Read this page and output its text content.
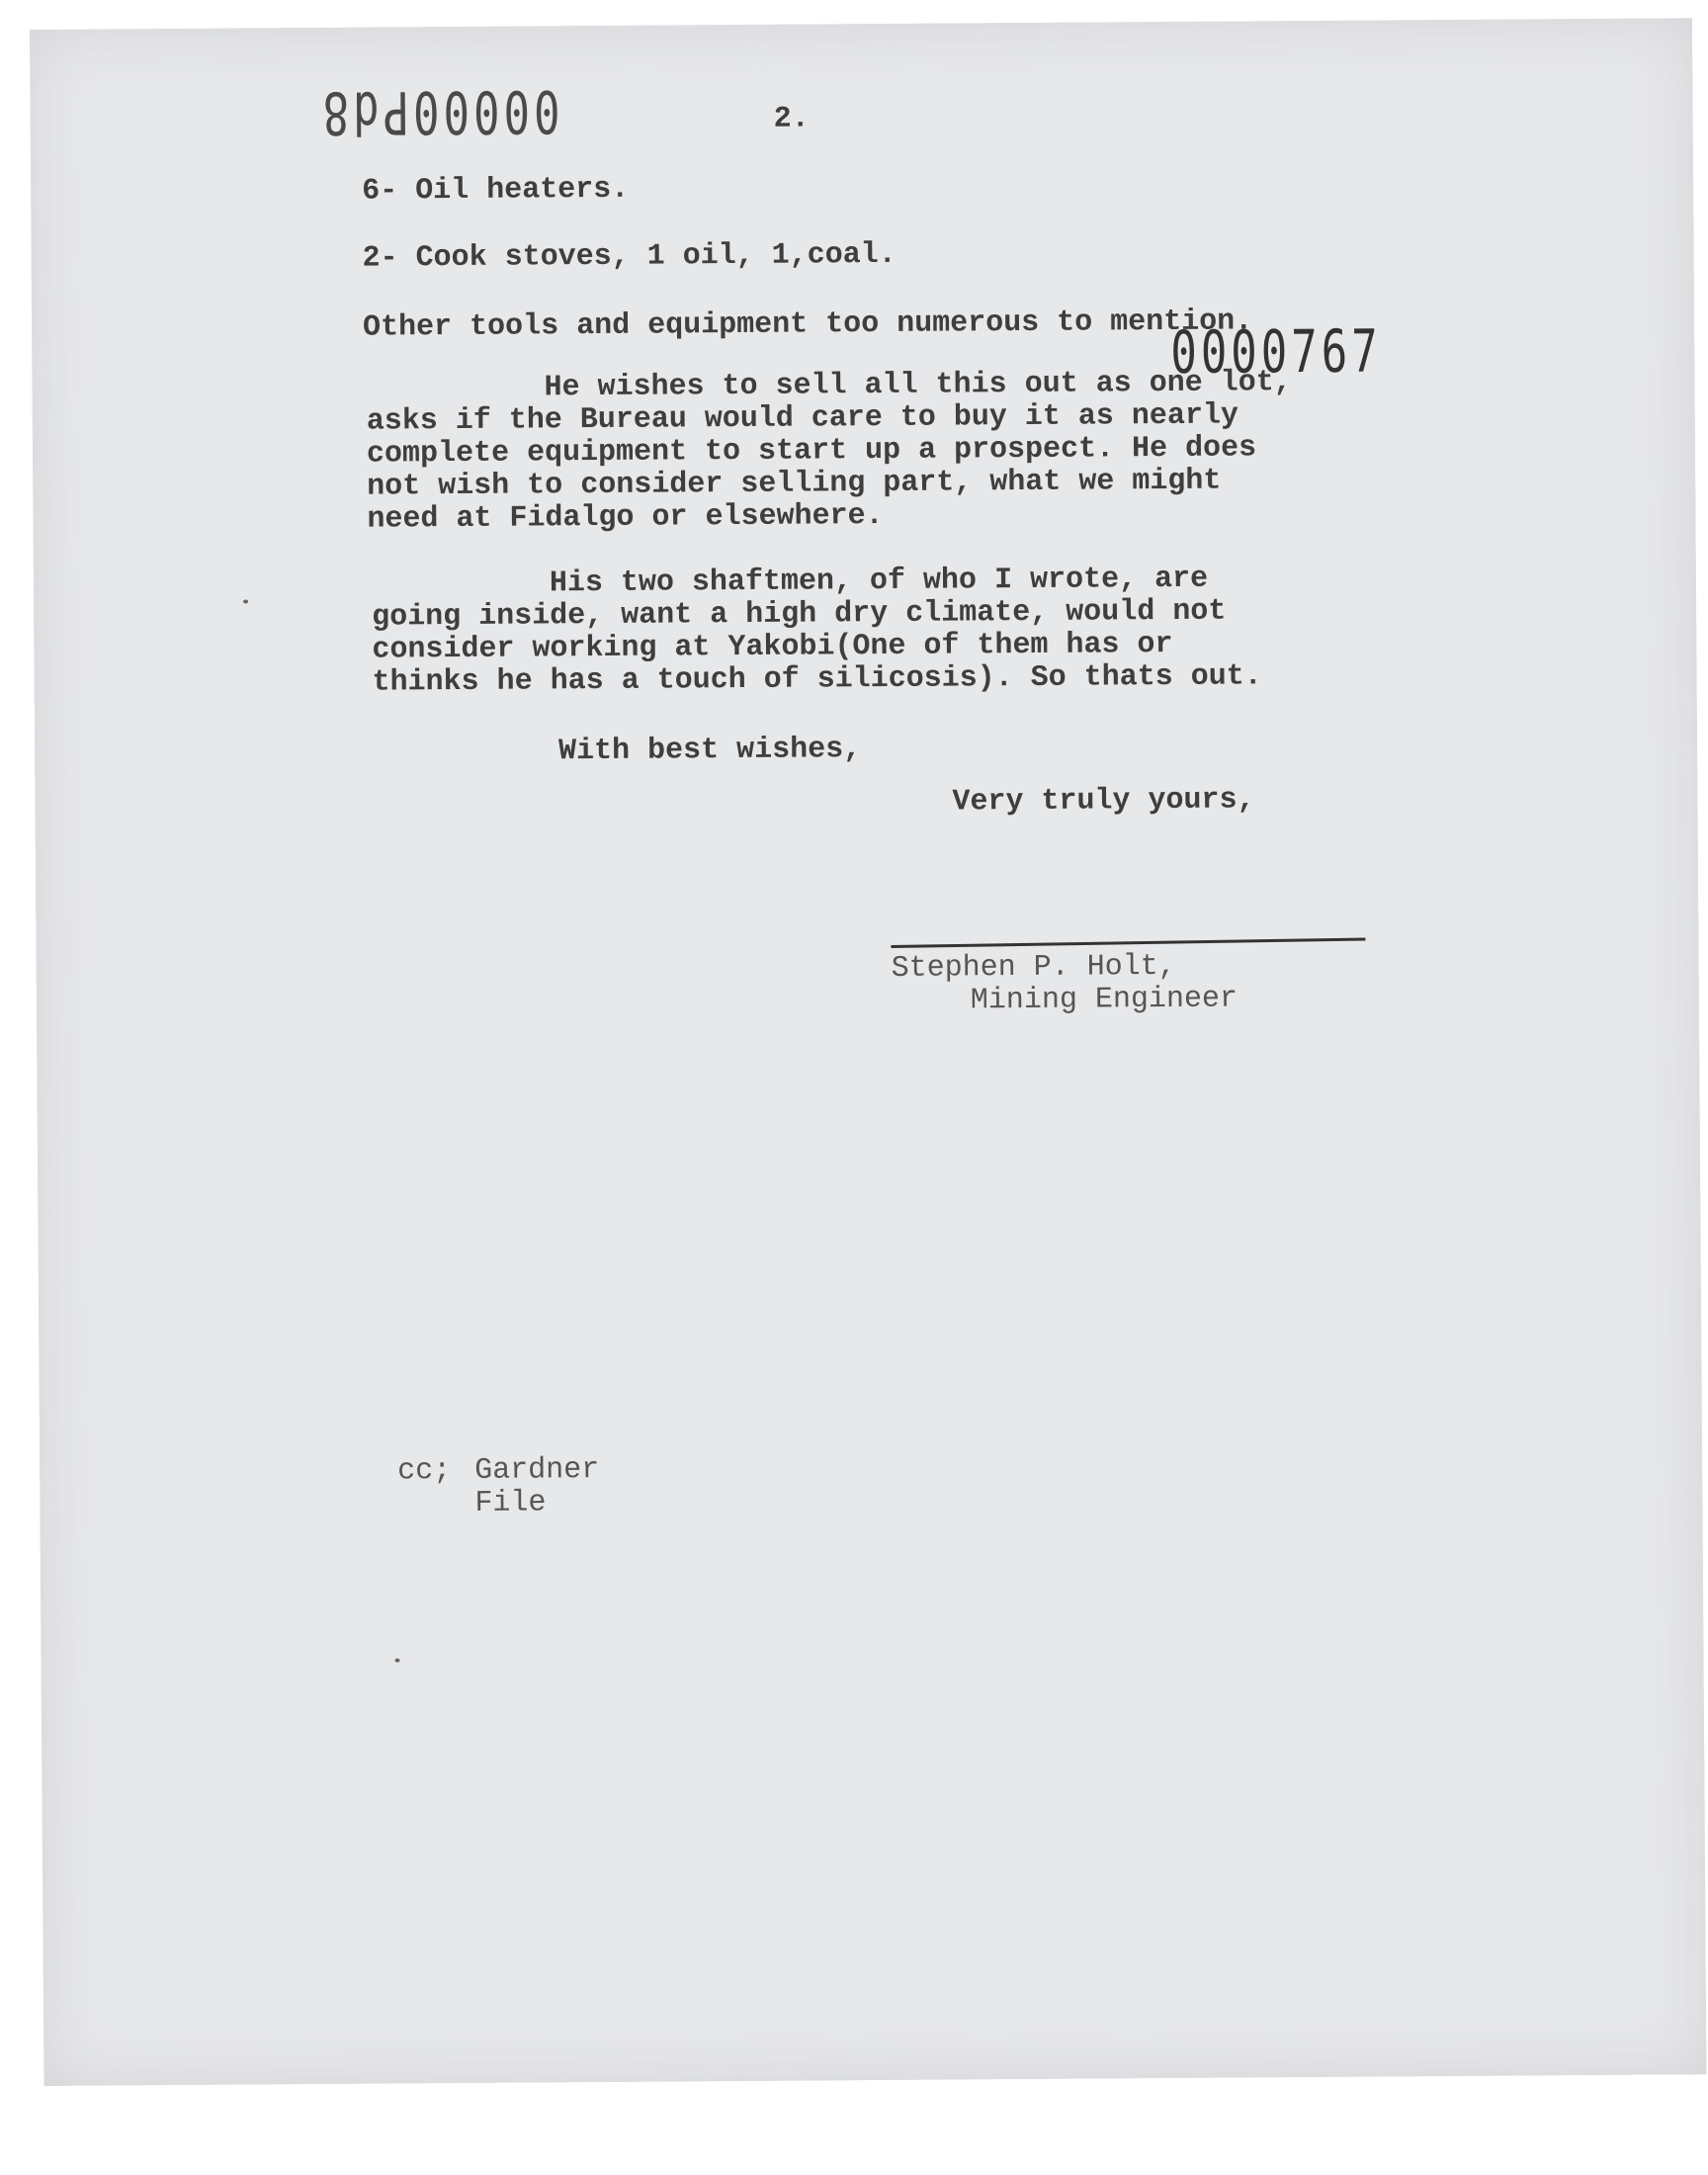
00000Pd8	2.
6- Oil heaters.
2- Cook stoves, 1 oil, 1,coal.
Other tools and equipment too numerous to mention.
0000767
He wishes to sell all this out as one lot,
asks if the Bureau would care to buy it as nearly
complete equipment to start up a prospect. He does
not wish to consider selling part, what we might
need at Fidalgo or elsewhere.
His two shaftmen, of who I wrote, are
going inside, want a high dry climate, would not
consider working at Yakobi(One of them has or
thinks he has a touch of silicosis). So thats out.
With best wishes,
Very truly yours,
Stephen P. Holt,
Mining Engineer
cc; Gardner
File
